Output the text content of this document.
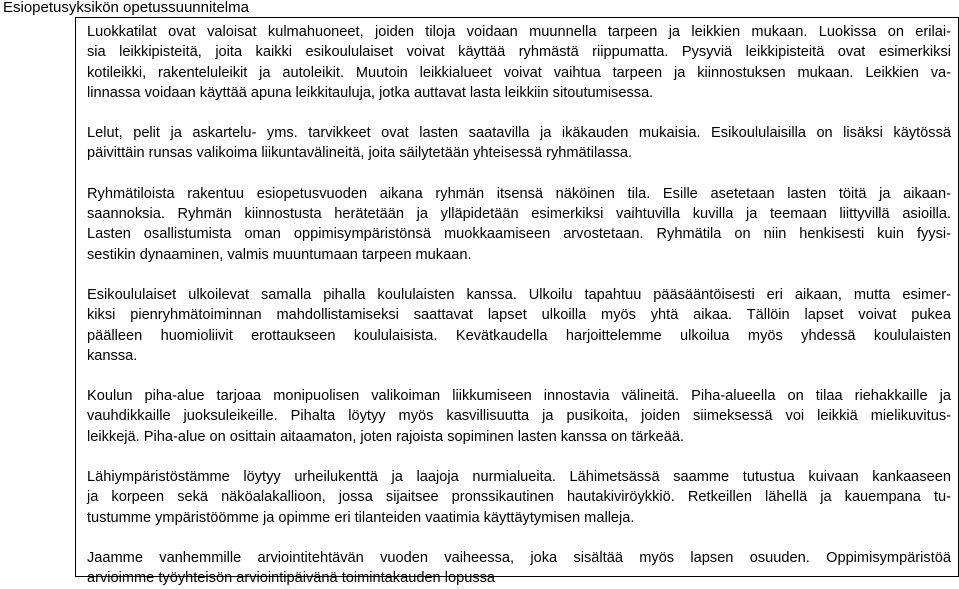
Esiopetusyksikön opetussuunnitelma

Luokkatilat ovat valoisat kulmahuoneet, joiden tiloja voidaan muunnella tarpeen ja leikkien mukaan. Luokissa on erilai-
sia leikkipisteitä, joita kaikki esikoululaiset voivat käyttää ryhmästä riippumatta. Pysyviä leikkipisteitä ovat esimerkiksi
kotileikki, rakenteluleikit ja autoleikit. Muutoin leikkialueet voivat vaihtua tarpeen ja kiinnostuksen mukaan. Leikkien va-
linnassa voidaan käyttää apuna leikkitauluja, jotka auttavat lasta leikkiin sitoutumisessa.

Lelut, pelit ja askartelu- yms. tarvikkeet ovat lasten saatavilla ja ikäkauden mukaisia. Esikoululaisilla on lisäksi käytössä
päivittäin runsas valikoima liikuntavälineitä, joita säilytetään yhteisessä ryhmätilassa.

Ryhmätiloista rakentuu esiopetusvuoden aikana ryhmän itsensä näköinen tila. Esille asetetaan lasten töitä ja aikaan-
saannoksia. Ryhmän kiinnostusta herätetään ja ylläpidetään esimerkiksi vaihtuvilla kuvilla ja teemaan liittyvillä asioilla.
Lasten osallistumista oman oppimisympäristönsä muokkaamiseen arvostetaan. Ryhmätila on niin henkisesti kuin fyysi-
sestikin dynaaminen, valmis muuntumaan tarpeen mukaan.

Esikoululaiset ulkoilevat samalla pihalla koululaisten kanssa. Ulkoilu tapahtuu pääsääntöisesti eri aikaan, mutta esimer-
kiksi pienryhmätoiminnan mahdollistamiseksi saattavat lapset ulkoilla myös yhtä aikaa. Tällöin lapset voivat pukea
päälleen huomioliivit erottaukseen koululaisista. Kevätkaudella harjoittelemme ulkoilua myös yhdessä koululaisten
kanssa.

Koulun piha-alue tarjoaa monipuolisen valikoiman liikkumiseen innostavia välineitä. Piha-alueella on tilaa riehakkaille ja
vauhdikkaille juoksuleikeille. Pihalta löytyy myös kasvillisuutta ja pusikoita, joiden siimeksessä voi leikkiä mielikuvitus-
leikkejä. Piha-alue on osittain aitaamaton, joten rajoista sopiminen lasten kanssa on tärkeää.

Lähiympäristöstämme löytyy urheilukenttä ja laajoja nurmialueita. Lähimetsässä saamme tutustua kuivaan kankaaseen
ja korpeen sekä näköalakallioon, jossa sijaitsee pronssikautinen hautakiviröykkiö. Retkeillen lähellä ja kauempana tu-
tustumme ympäristöömme ja opimme eri tilanteiden vaatimia käyttäytymisen malleja.

Jaamme vanhemmille arviointitehtävän vuoden vaiheessa, joka sisältää myös lapsen osuuden. Oppimisympäristöä
arvioimme työyhteisön arviointipäivänä toimintakauden lopussa
